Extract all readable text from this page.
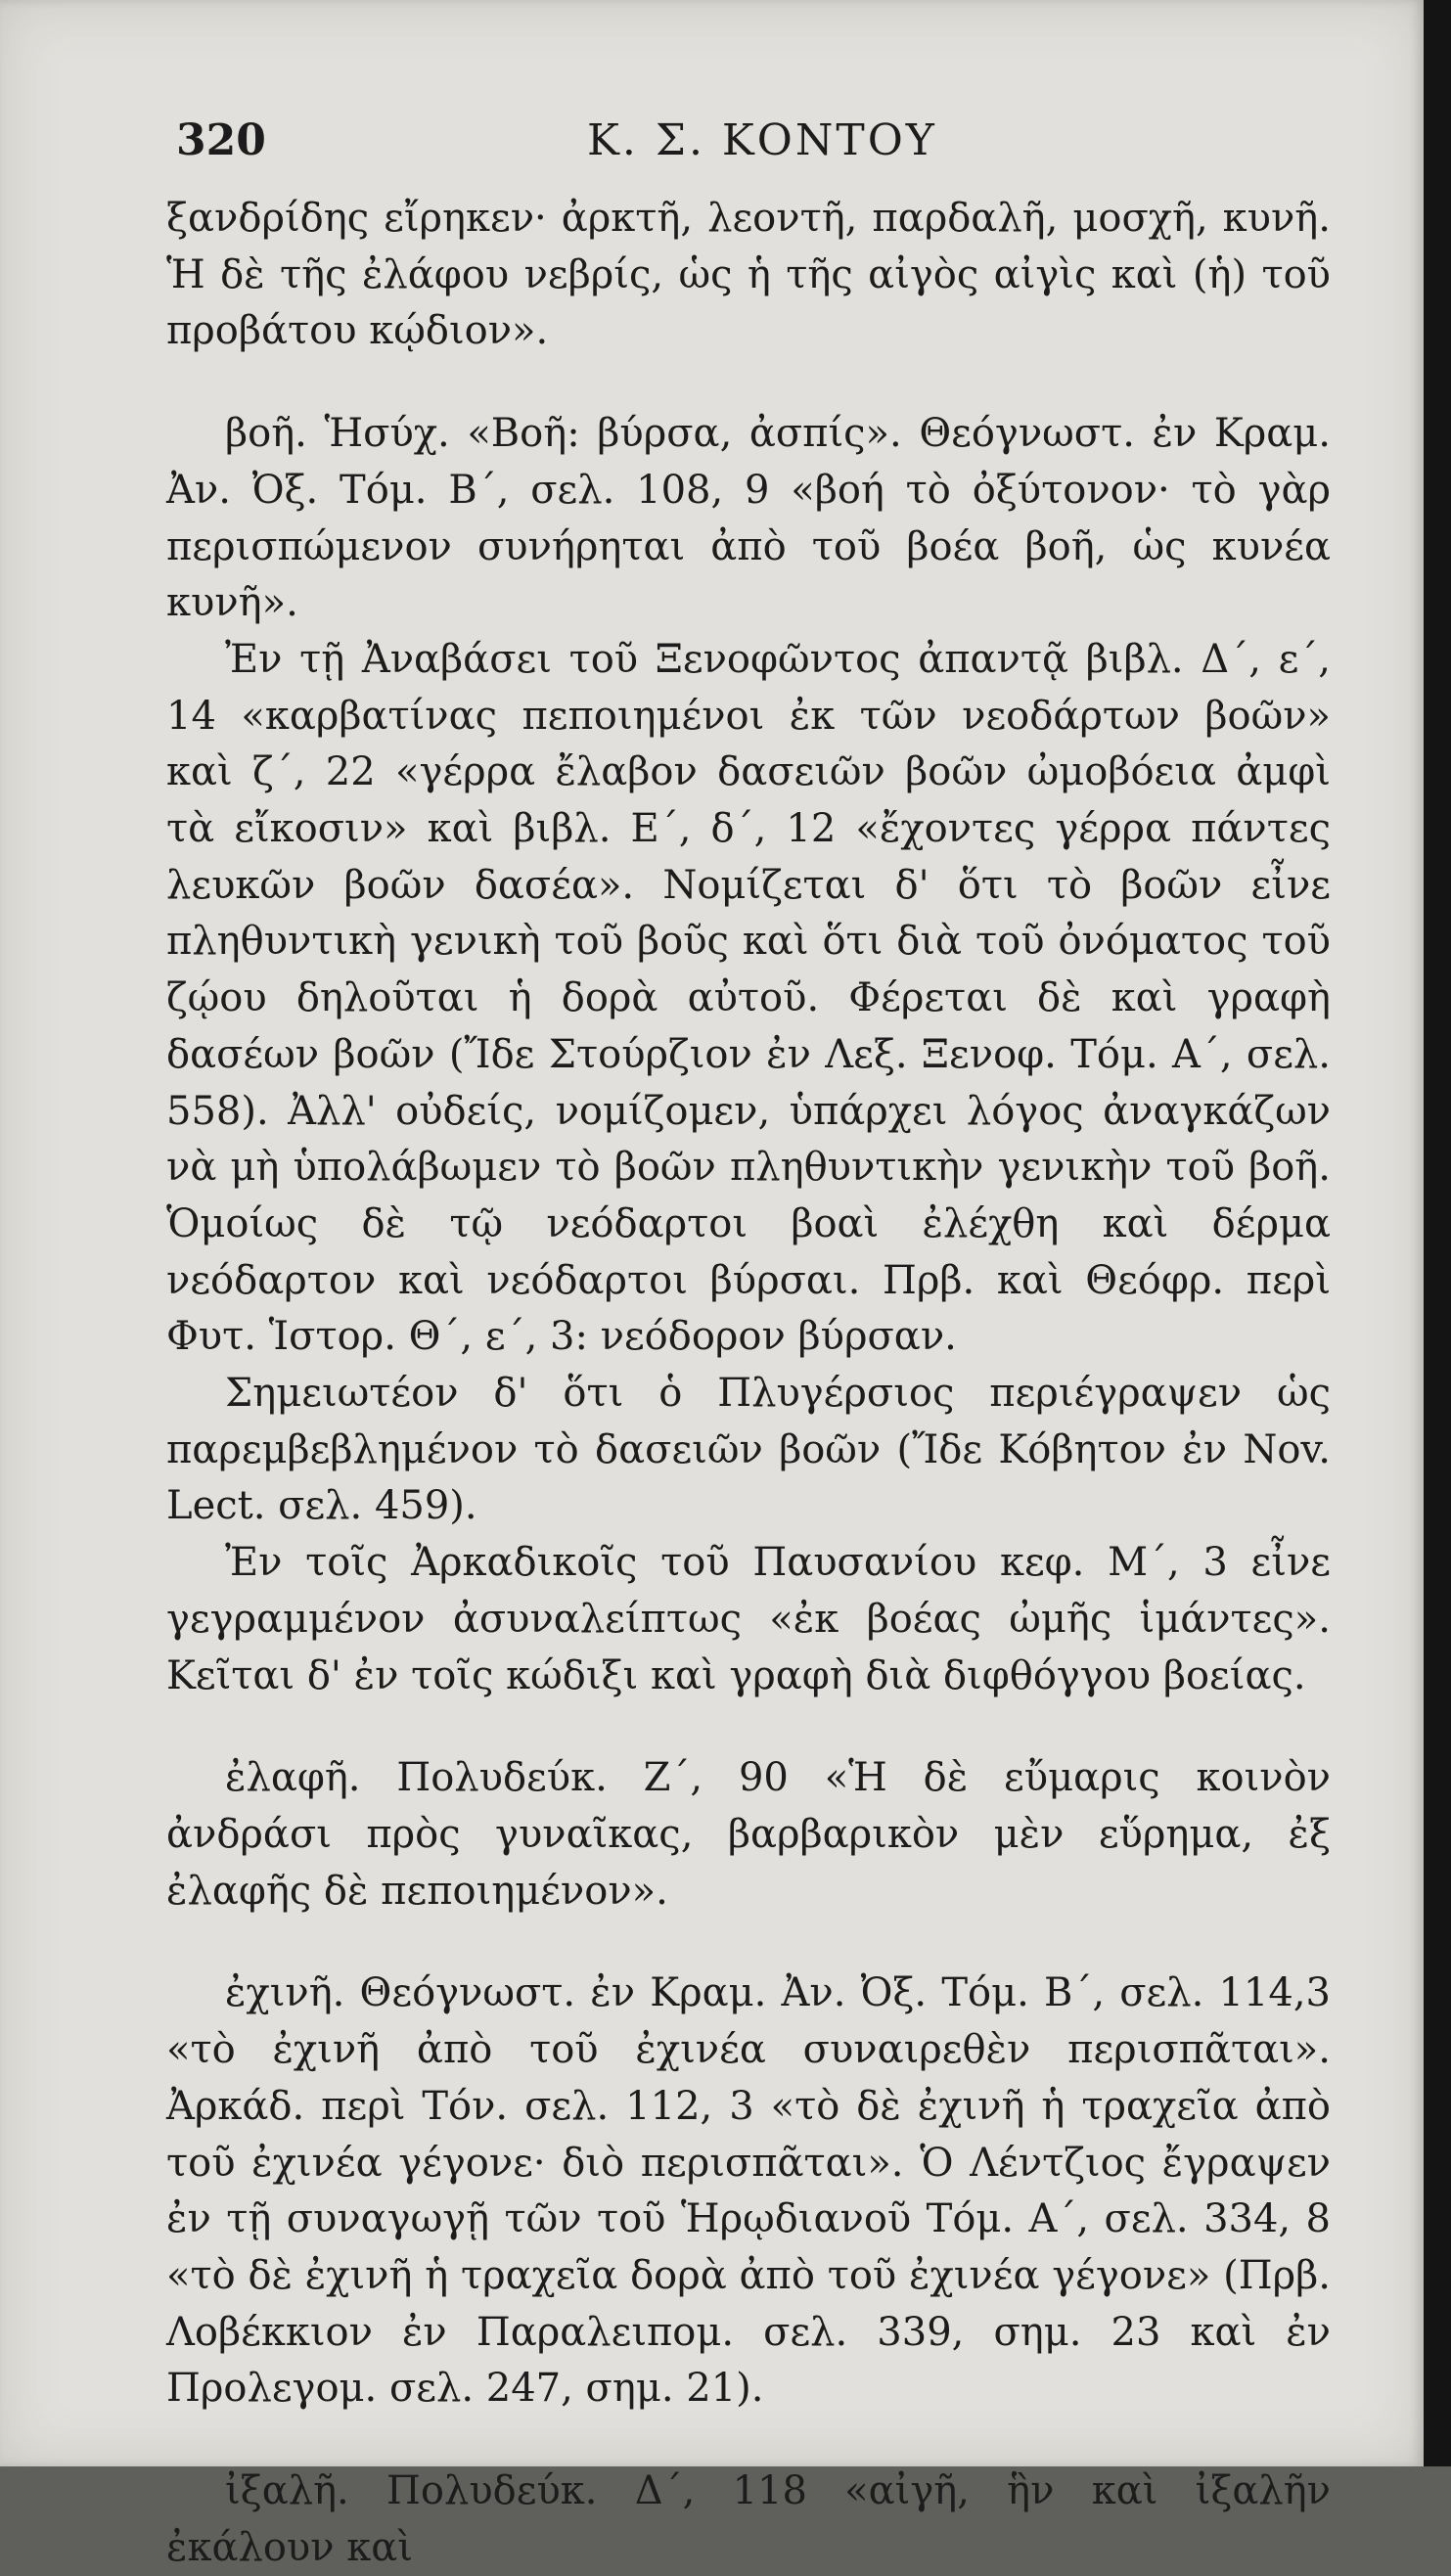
320	Κ. Σ. ΚΟΝΤΟΥ

ξανδρίδης εἴρηκεν· ἀρκτῆ, λεοντῆ, παρδαλῆ, μοσχῆ, κυνῆ. Ἡ δὲ τῆς ἐλάφου νεβρίς, ὡς ἡ τῆς αἰγὸς αἰγὶς καὶ (ἡ) τοῦ προβάτου κῴδιον».

βοῆ. Ἡσύχ. «Βοῆ: βύρσα, ἀσπίς». Θεόγνωστ. ἐν Κραμ. Ἀν. Ὀξ. Τόμ. Β΄, σελ. 108, 9 «βοή τὸ ὀξύτονον· τὸ γὰρ περισπώμενον συνήρηται ἀπὸ τοῦ βοέα βοῆ, ὡς κυνέα κυνῆ».

Ἐν τῇ Ἀναβάσει τοῦ Ξενοφῶντος ἀπαντᾷ βιβλ. Δ΄, ε΄, 14 «καρβατίνας πεποιημένοι ἐκ τῶν νεοδάρτων βοῶν» καὶ ζ΄, 22 «γέρρα ἔλαβον δασειῶν βοῶν ὠμοβόεια ἀμφὶ τὰ εἴκοσιν» καὶ βιβλ. Ε΄, δ΄, 12 «ἔχοντες γέρρα πάντες λευκῶν βοῶν δασέα». Νομίζεται δ' ὅτι τὸ βοῶν εἶνε πληθυντικὴ γενικὴ τοῦ βοῦς καὶ ὅτι διὰ τοῦ ὀνόματος τοῦ ζῴου δηλοῦται ἡ δορὰ αὐτοῦ. Φέρεται δὲ καὶ γραφὴ δασέων βοῶν (Ἴδε Στούρζιον ἐν Λεξ. Ξενοφ. Τόμ. Α΄, σελ. 558). Ἀλλ' οὐδείς, νομίζομεν, ὑπάρχει λόγος ἀναγκάζων νὰ μὴ ὑπολάβωμεν τὸ βοῶν πληθυντικὴν γενικὴν τοῦ βοῆ. Ὁμοίως δὲ τῷ νεόδαρτοι βοαὶ ἐλέχθη καὶ δέρμα νεόδαρτον καὶ νεόδαρτοι βύρσαι. Πρβ. καὶ Θεόφρ. περὶ Φυτ. Ἱστορ. Θ΄, ε΄, 3: νεόδορον βύρσαν.

Σημειωτέον δ' ὅτι ὁ Πλυγέρσιος περιέγραψεν ὡς παρεμβεβλημένον τὸ δασειῶν βοῶν (Ἴδε Κόβητον ἐν Nov. Lect. σελ. 459).

Ἐν τοῖς Ἀρκαδικοῖς τοῦ Παυσανίου κεφ. Μ΄, 3 εἶνε γεγραμμένον ἀσυναλείπτως «ἐκ βοέας ὠμῆς ἱμάντες». Κεῖται δ' ἐν τοῖς κώδιξι καὶ γραφὴ διὰ διφθόγγου βοείας.

ἐλαφῆ. Πολυδεύκ. Ζ΄, 90 «Ἡ δὲ εὔμαρις κοινὸν ἀνδράσι πρὸς γυναῖκας, βαρβαρικὸν μὲν εὕρημα, ἐξ ἐλαφῆς δὲ πεποιημένον».

ἐχινῆ. Θεόγνωστ. ἐν Κραμ. Ἀν. Ὀξ. Τόμ. Β΄, σελ. 114,3 «τὸ ἐχινῆ ἀπὸ τοῦ ἐχινέα συναιρεθὲν περισπᾶται». Ἀρκάδ. περὶ Τόν. σελ. 112, 3 «τὸ δὲ ἐχινῆ ἡ τραχεῖα ἀπὸ τοῦ ἐχινέα γέγονε· διὸ περισπᾶται». Ὁ Λέντζιος ἔγραψεν ἐν τῇ συναγωγῇ τῶν τοῦ Ἡρῳδιανοῦ Τόμ. Α΄, σελ. 334, 8 «τὸ δὲ ἐχινῆ ἡ τραχεῖα δορὰ ἀπὸ τοῦ ἐχινέα γέγονε» (Πρβ. Λοβέκκιον ἐν Παραλειπομ. σελ. 339, σημ. 23 καὶ ἐν Προλεγομ. σελ. 247, σημ. 21).

ἰξαλῆ. Πολυδεύκ. Δ΄, 118 «αἰγῆ, ἣν καὶ ἰξαλῆν ἐκάλουν καὶ
